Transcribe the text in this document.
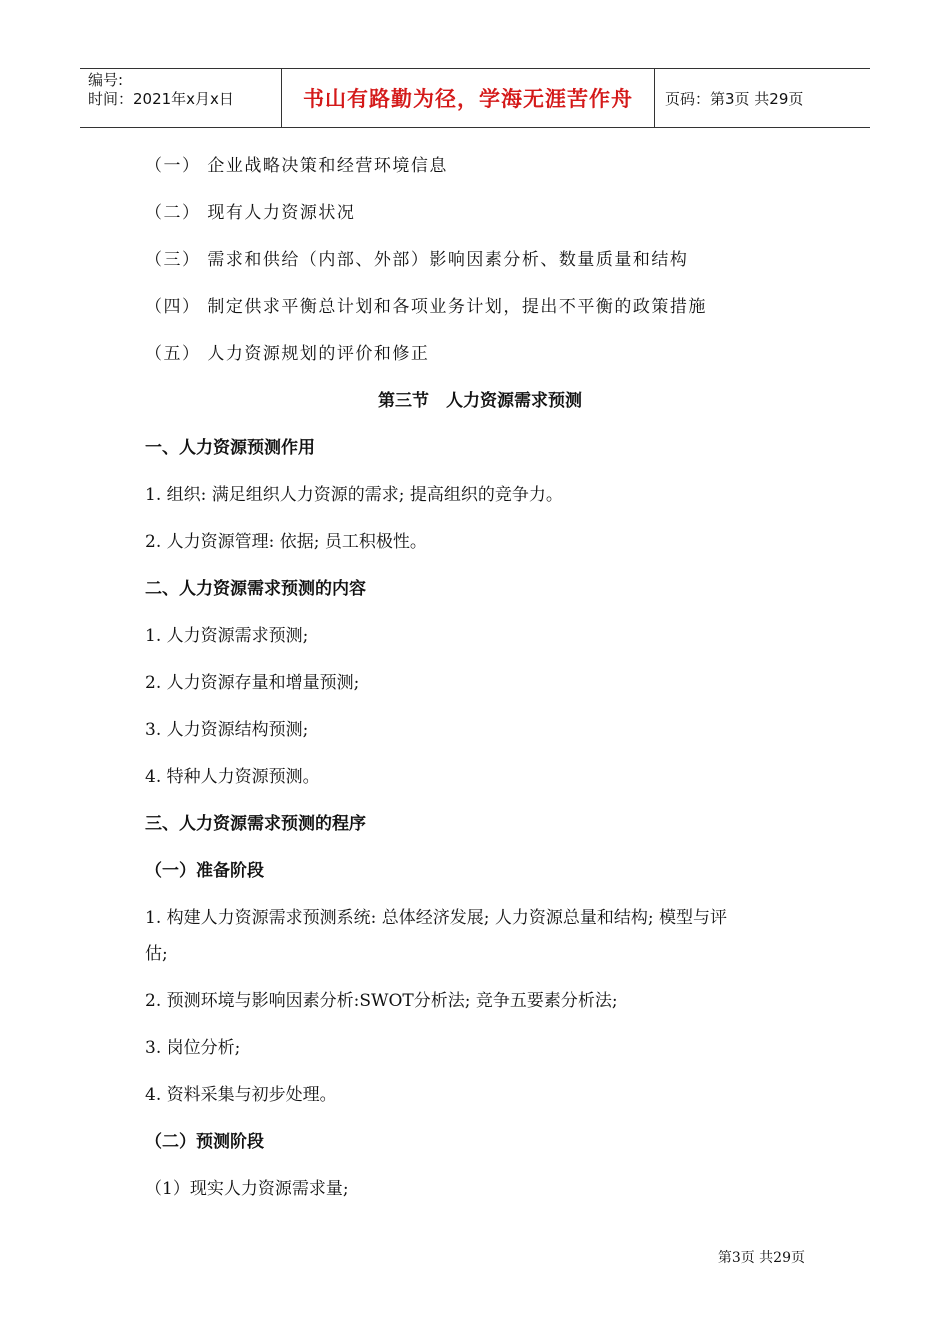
编号:
时间：2021年x月x日	书山有路勤为径，学海无涯苦作舟 页码：第3页 共29页

（一） 企业战略决策和经营环境信息

（二） 现有人力资源状况

（三） 需求和供给（内部、外部）影响因素分析、数量质量和结构

（四） 制定供求平衡总计划和各项业务计划，提出不平衡的政策措施

（五） 人力资源规划的评价和修正

第三节　人力资源需求预测

一、人力资源预测作用

1. 组织: 满足组织人力资源的需求; 提高组织的竞争力。

2. 人力资源管理: 依据; 员工积极性。

二、人力资源需求预测的内容

1. 人力资源需求预测;

2. 人力资源存量和增量预测;

3. 人力资源结构预测;

4. 特种人力资源预测。

三、人力资源需求预测的程序

（一）准备阶段

1. 构建人力资源需求预测系统: 总体经济发展; 人力资源总量和结构; 模型与评

估;

2. 预测环境与影响因素分析:SWOT分析法; 竞争五要素分析法;

3. 岗位分析;

4. 资料采集与初步处理。

（二）预测阶段

（1）现实人力资源需求量;

第3页 共29页
